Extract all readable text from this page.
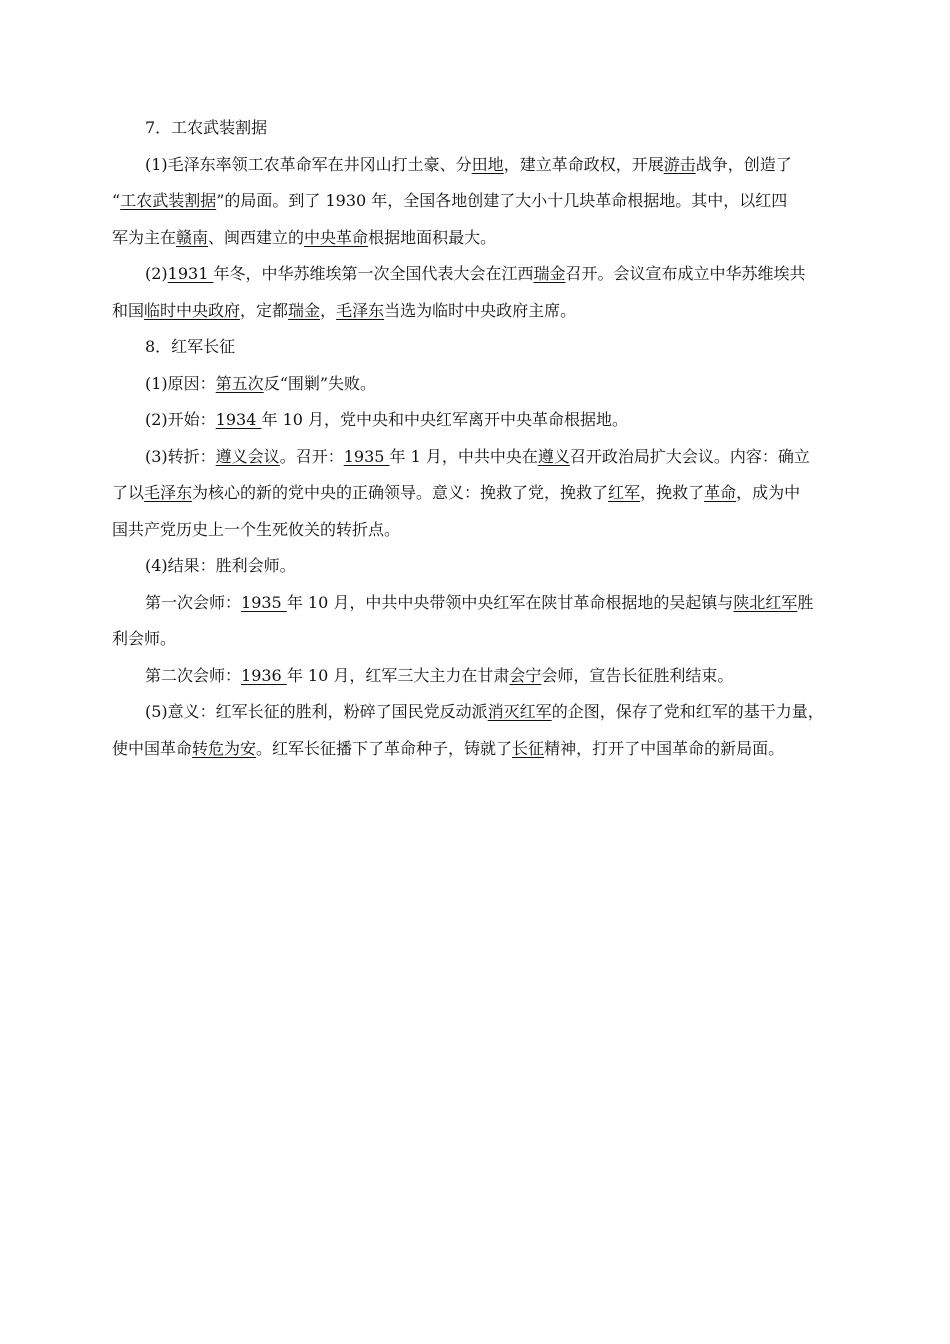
7．工农武装割据

(1)毛泽东率领工农革命军在井冈山打土豪、分田地，建立革命政权，开展游击战争，创造了

“工农武装割据”的局面。到了 1930 年，全国各地创建了大小十几块革命根据地。其中，以红四

军为主在赣南、闽西建立的中央革命根据地面积最大。

(2)1931 年冬，中华苏维埃第一次全国代表大会在江西瑞金召开。会议宣布成立中华苏维埃共

和国临时中央政府，定都瑞金，毛泽东当选为临时中央政府主席。

8．红军长征

(1)原因：第五次反“围剿”失败。

(2)开始：1934 年 10 月，党中央和中央红军离开中央革命根据地。

(3)转折：遵义会议。召开：1935 年 1 月，中共中央在遵义召开政治局扩大会议。内容：确立

了以毛泽东为核心的新的党中央的正确领导。意义：挽救了党，挽救了红军，挽救了革命，成为中

国共产党历史上一个生死攸关的转折点。

(4)结果：胜利会师。

第一次会师：1935 年 10 月，中共中央带领中央红军在陕甘革命根据地的吴起镇与陕北红军胜

利会师。

第二次会师：1936 年 10 月，红军三大主力在甘肃会宁会师，宣告长征胜利结束。

(5)意义：红军长征的胜利，粉碎了国民党反动派消灭红军的企图，保存了党和红军的基干力量，

使中国革命转危为安。红军长征播下了革命种子，铸就了长征精神，打开了中国革命的新局面。
